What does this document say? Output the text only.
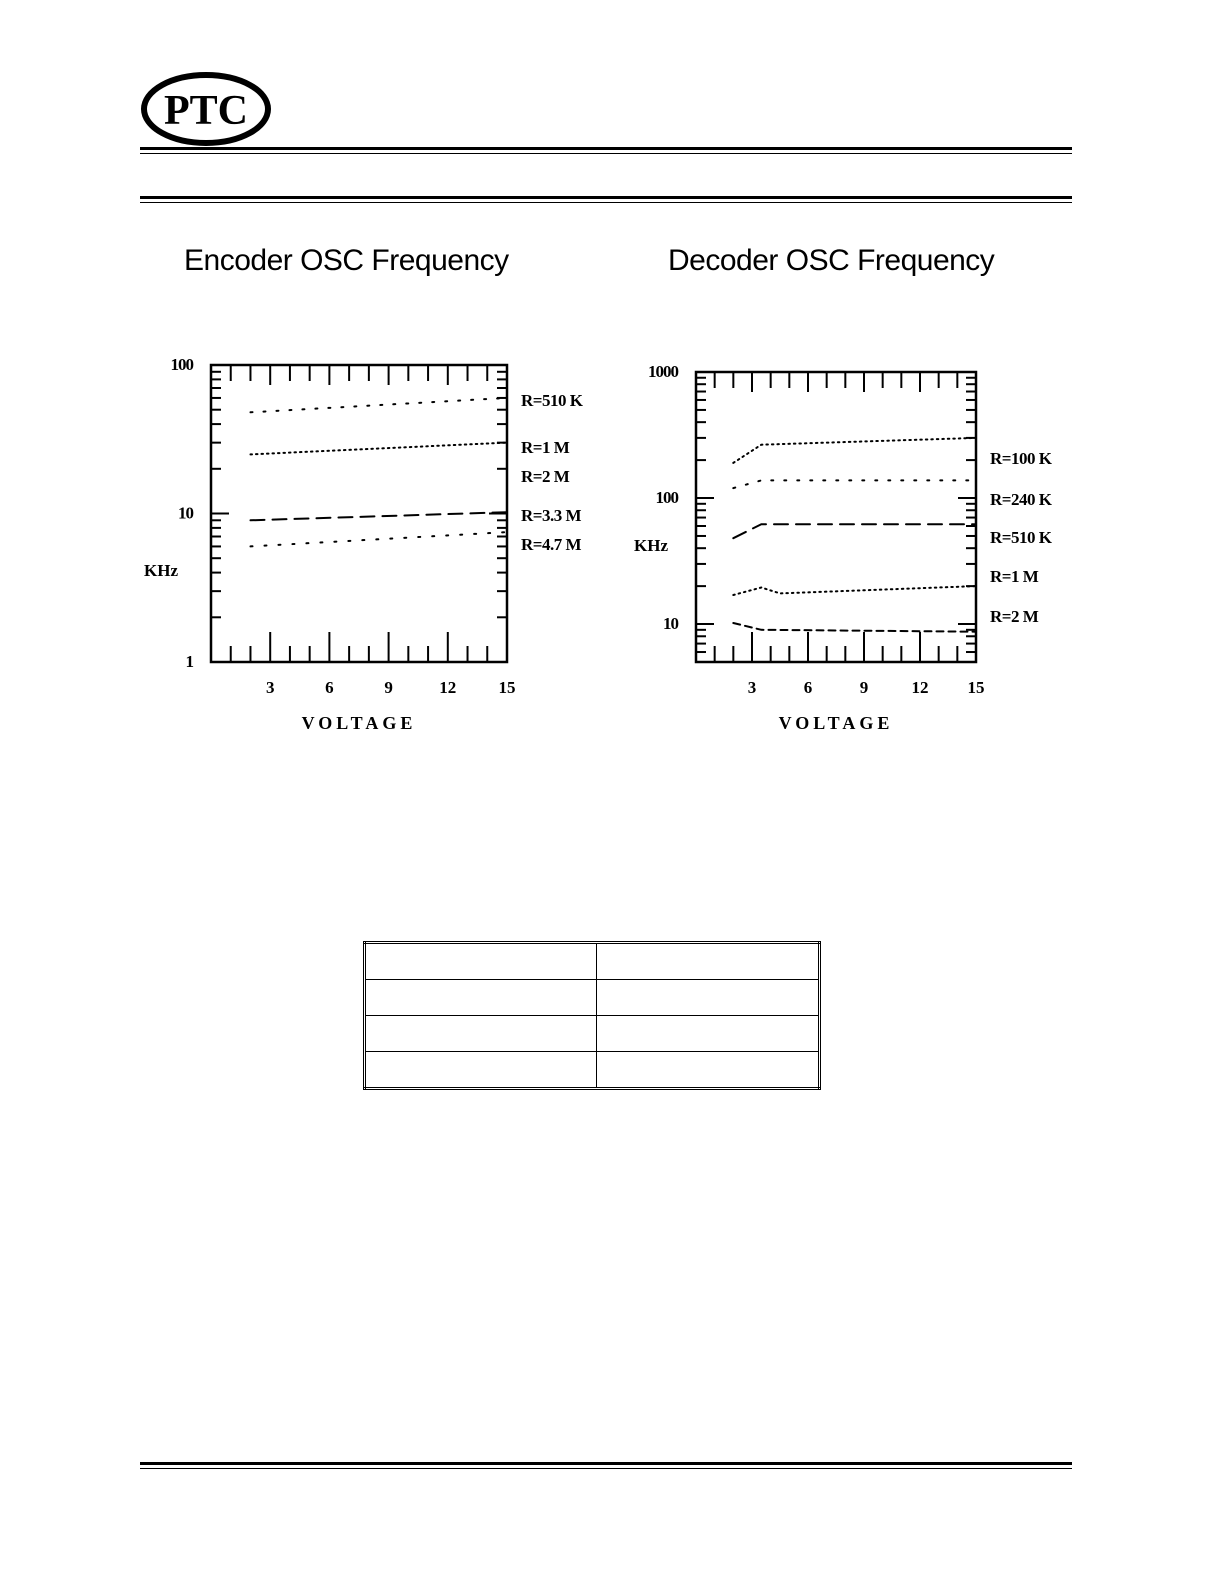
PTC
Encoder OSC Frequency	Decoder OSC Frequency
3	6	9	12 15
1
10
100
KHz
VOLTAGE
R=510 K
R=1 M
R=2 M
R=3.3 M
R=4.7 M
3	6	9	12 15
10
100
1000
KHz
VOLTAGE
R=100 K
R=240 K
R=510 K
R=1 M
R=2 M
